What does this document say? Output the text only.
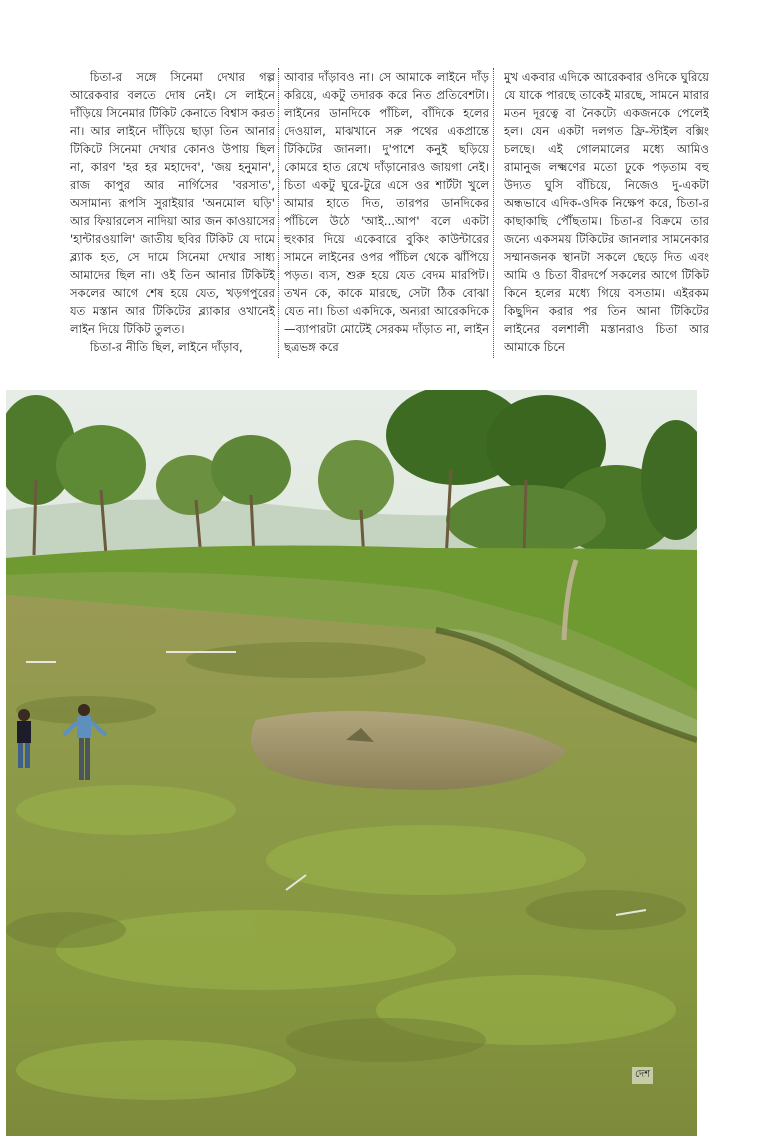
চিতা-র সঙ্গে সিনেমা দেখার গল্প আরেকবার বলতে দোষ নেই। সে লাইনে দাঁড়িয়ে সিনেমার টিকিট কেনাতে বিশ্বাস করত না। আর লাইনে দাঁড়িয়ে ছাড়া তিন আনার টিকিটে সিনেমা দেখার কোনও উপায় ছিল না, কারণ 'হর হর মহাদেব', 'জয় হনুমান', রাজ কাপুর আর নার্গিসের 'বরসাত', অসামান্য রূপসি সুরাইয়ার 'অনমোল ঘড়ি' আর ফিয়ারলেস নাদিয়া আর জন কাওয়াসের 'হান্টারওয়ালি' জাতীয় ছবির টিকিট যে দামে ব্ল্যাক হত, সে দামে সিনেমা দেখার সাধ্য আমাদের ছিল না। ওই তিন আনার টিকিটই সকলের আগে শেষ হয়ে যেত, খড়গপুরের যত মস্তান আর টিকিটের ব্ল্যাকার ওখানেই লাইন দিয়ে টিকিট তুলত।

চিতা-র নীতি ছিল, লাইনে দাঁড়াব,

আবার দাঁড়াবও না। সে আমাকে লাইনে দাঁড় করিয়ে, একটু তদারক করে নিত প্রতিবেশটা। লাইনের ডানদিকে পাঁচিল, বাঁদিকে হলের দেওয়াল, মাঝখানে সরু পথের একপ্রান্তে টিকিটের জানলা। দু'পাশে কনুই ছড়িয়ে কোমরে হাত রেখে দাঁড়ানোরও জায়গা নেই। চিতা একটু ঘুরে-টুরে এসে ওর শার্টটা খুলে আমার হাতে দিত, তারপর ডানদিকের পাঁচিলে উঠে 'আই...আপ' বলে একটা হুংকার দিয়ে একেবারে বুকিং কাউন্টারের সামনে লাইনের ওপর পাঁচিল থেকে ঝাঁপিয়ে পড়ত। ব্যস, শুরু হয়ে যেত বেদম মারপিট। তখন কে, কাকে মারছে, সেটা ঠিক বোঝা যেত না। চিতা একদিকে, অন্যরা আরেকদিকে—ব্যাপারটা মোটেই সেরকম দাঁড়াত না, লাইন ছত্রভঙ্গ করে

মুখ একবার এদিকে আরেকবার ওদিকে ঘুরিয়ে যে যাকে পারছে তাকেই মারছে, সামনে মারার মতন দূরত্বে বা নৈকট্যে একজনকে পেলেই হল। যেন একটা দলগত ফ্রি-স্টাইল বক্সিং চলছে। এই গোলমালের মধ্যে আমিও রামানুজ লক্ষ্মণের মতো ঢুকে পড়তাম বহু উদ্যত ঘুসি বাঁচিয়ে, নিজেও দু-একটা অন্ধভাবে এদিক-ওদিক নিক্ষেপ করে, চিতা-র কাছাকাছি পৌঁছতাম। চিতা-র বিক্রমে তার জন্যে একসময় টিকিটের জানলার সামনেকার সম্মানজনক স্থানটা সকলে ছেড়ে দিত এবং আমি ও চিতা বীরদর্পে সকলের আগে টিকিট কিনে হলের মধ্যে গিয়ে বসতাম। এইরকম কিছুদিন করার পর তিন আনা টিকিটের লাইনের বলশালী মস্তানরাও চিতা আর আমাকে চিনে

দেশ
